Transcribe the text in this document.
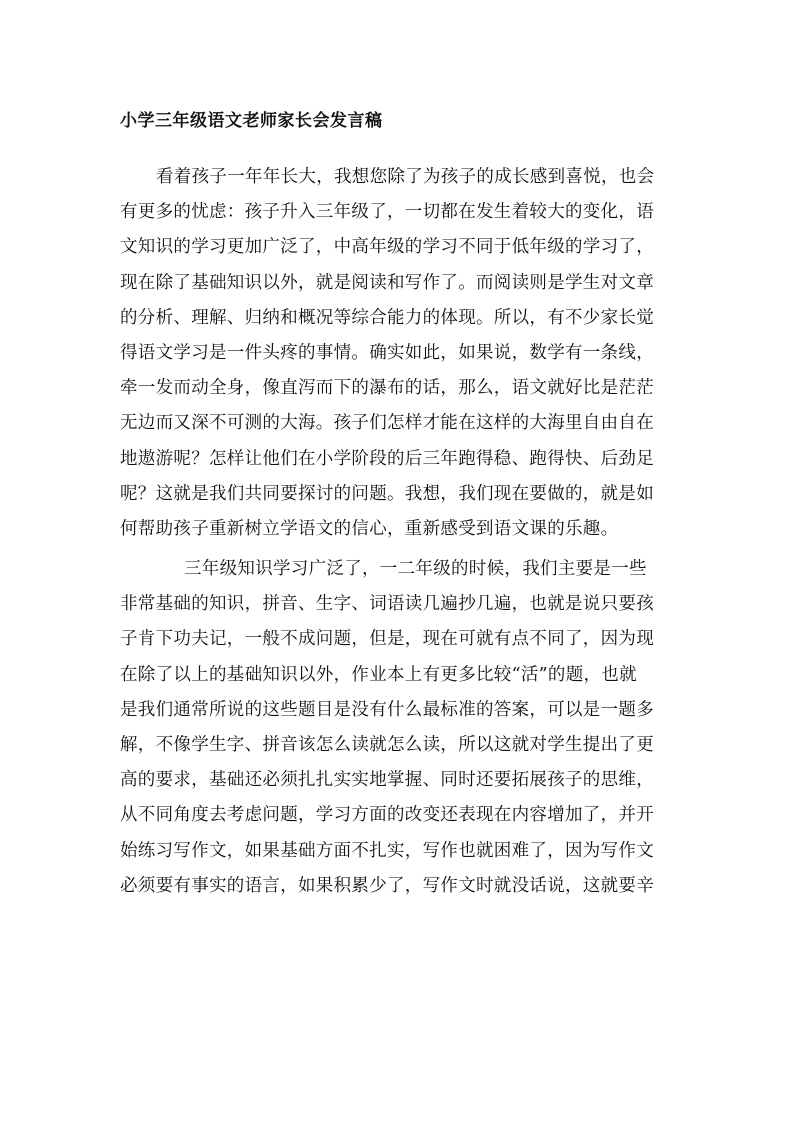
小学三年级语文老师家长会发言稿
看着孩子一年年长大，我想您除了为孩子的成长感到喜悦，也会
有更多的忧虑：孩子升入三年级了，一切都在发生着较大的变化，语
文知识的学习更加广泛了，中高年级的学习不同于低年级的学习了，
现在除了基础知识以外，就是阅读和写作了。而阅读则是学生对文章
的分析、理解、归纳和概况等综合能力的体现。所以，有不少家长觉
得语文学习是一件头疼的事情。确实如此，如果说，数学有一条线，
牵一发而动全身，像直泻而下的瀑布的话，那么，语文就好比是茫茫
无边而又深不可测的大海。孩子们怎样才能在这样的大海里自由自在
地遨游呢？怎样让他们在小学阶段的后三年跑得稳、跑得快、后劲足
呢？这就是我们共同要探讨的问题。我想，我们现在要做的，就是如
何帮助孩子重新树立学语文的信心，重新感受到语文课的乐趣。
三年级知识学习广泛了，一二年级的时候，我们主要是一些
非常基础的知识，拼音、生字、词语读几遍抄几遍，也就是说只要孩
子肯下功夫记，一般不成问题，但是，现在可就有点不同了，因为现
在除了以上的基础知识以外，作业本上有更多比较“活”的题，也就
是我们通常所说的这些题目是没有什么最标准的答案，可以是一题多
解，不像学生字、拼音该怎么读就怎么读，所以这就对学生提出了更
高的要求，基础还必须扎扎实实地掌握、同时还要拓展孩子的思维，
从不同角度去考虑问题，学习方面的改变还表现在内容增加了，并开
始练习写作文，如果基础方面不扎实，写作也就困难了，因为写作文
必须要有事实的语言，如果积累少了，写作文时就没话说，这就要辛
